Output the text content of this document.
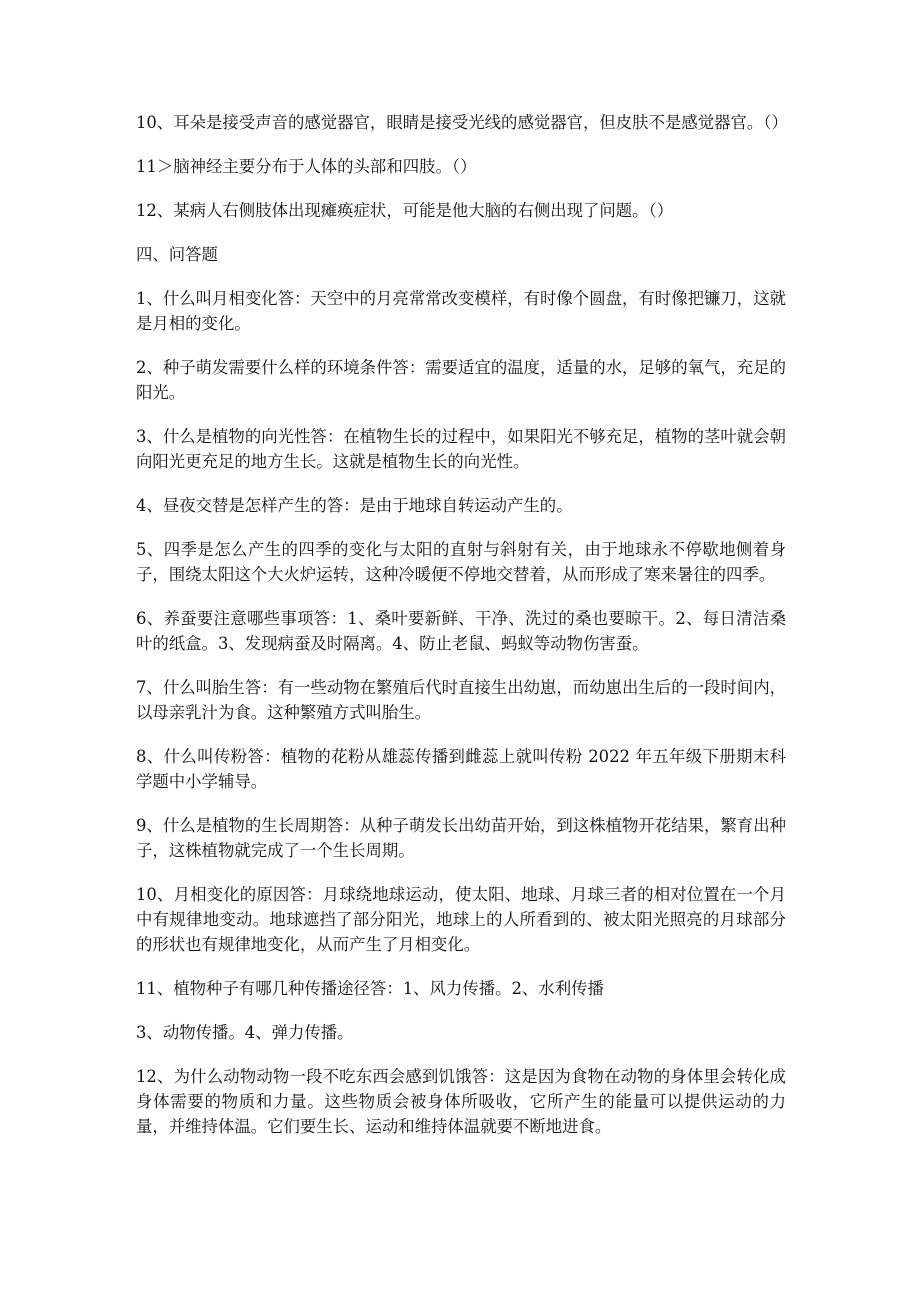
10、耳朵是接受声音的感觉器官，眼睛是接受光线的感觉器官，但皮肤不是感觉器官。（）

11＞脑神经主要分布于人体的头部和四肢。（）

12、某病人右侧肢体出现瘫痪症状，可能是他大脑的右侧出现了问题。（）

四、问答题

1、什么叫月相变化答：天空中的月亮常常改变模样，有时像个圆盘，有时像把镰刀，这就是月相的变化。

2、种子萌发需要什么样的环境条件答：需要适宜的温度，适量的水，足够的氧气，充足的阳光。

3、什么是植物的向光性答：在植物生长的过程中，如果阳光不够充足，植物的茎叶就会朝向阳光更充足的地方生长。这就是植物生长的向光性。

4、昼夜交替是怎样产生的答：是由于地球自转运动产生的。

5、四季是怎么产生的四季的变化与太阳的直射与斜射有关，由于地球永不停歇地侧着身子，围绕太阳这个大火炉运转，这种冷暖便不停地交替着，从而形成了寒来暑往的四季。

6、养蚕要注意哪些事项答：1、桑叶要新鲜、干净、洗过的桑也要晾干。2、每日清洁桑叶的纸盒。3、发现病蚕及时隔离。4、防止老鼠、蚂蚁等动物伤害蚕。

7、什么叫胎生答：有一些动物在繁殖后代时直接生出幼崽，而幼崽出生后的一段时间内，以母亲乳汁为食。这种繁殖方式叫胎生。

8、什么叫传粉答：植物的花粉从雄蕊传播到雌蕊上就叫传粉 2022 年五年级下册期末科学题中小学辅导。

9、什么是植物的生长周期答：从种子萌发长出幼苗开始，到这株植物开花结果，繁育出种子，这株植物就完成了一个生长周期。

10、月相变化的原因答：月球绕地球运动，使太阳、地球、月球三者的相对位置在一个月中有规律地变动。地球遮挡了部分阳光，地球上的人所看到的、被太阳光照亮的月球部分的形状也有规律地变化，从而产生了月相变化。

11、植物种子有哪几种传播途径答：1、风力传播。2、水利传播

3、动物传播。4、弹力传播。

12、为什么动物动物一段不吃东西会感到饥饿答：这是因为食物在动物的身体里会转化成身体需要的物质和力量。这些物质会被身体所吸收，它所产生的能量可以提供运动的力量，并维持体温。它们要生长、运动和维持体温就要不断地进食。
